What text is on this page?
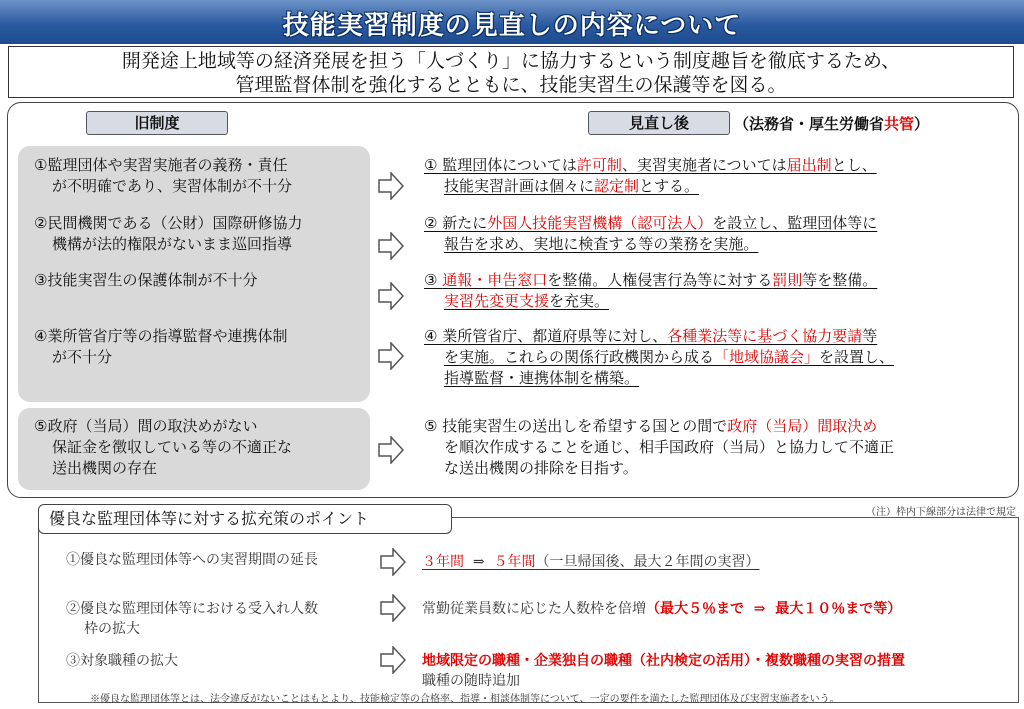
技能実習制度の見直しの内容について
開発途上地域等の経済発展を担う「人づくり」に協力するという制度趣旨を徹底するため、
管理監督体制を強化するとともに、技能実習生の保護等を図る。
旧制度	見直し後	（法務省・厚生労働省共管）
①監理団体や実習実施者の義務・責任
が不明確であり、実習体制が不十分
②民間機関である（公財）国際研修協力
機構が法的権限がないまま巡回指導
③技能実習生の保護体制が不十分
④業所管省庁等の指導監督や連携体制
が不十分
⑤政府（当局）間の取決めがない
保証金を徴収している等の不適正な
送出機関の存在
① 監理団体については許可制、実習実施者については届出制とし、
技能実習計画は個々に認定制とする。
② 新たに外国人技能実習機構（認可法人）を設立し、監理団体等に
報告を求め、実地に検査する等の業務を実施。
③ 通報・申告窓口を整備。人権侵害行為等に対する罰則等を整備。
実習先変更支援を充実。
④ 業所管省庁、都道府県等に対し、各種業法等に基づく協力要請等
を実施。これらの関係行政機関から成る「地域協議会」を設置し、
指導監督・連携体制を構築。
⑤ 技能実習生の送出しを希望する国との間で政府（当局）間取決め
を順次作成することを通じ、相手国政府（当局）と協力して不適正
な送出機関の排除を目指す。
（注）枠内下線部分は法律で規定
優良な監理団体等に対する拡充策のポイント
①優良な監理団体等への実習期間の延長
②優良な監理団体等における受入れ人数
枠の拡大
③対象職種の拡大
３年間  ⇒  ５年間（一旦帰国後、最大２年間の実習）
常勤従業員数に応じた人数枠を倍増（最大５％まで  ⇒  最大１０％まで等）
地域限定の職種・企業独自の職種（社内検定の活用）・複数職種の実習の措置
職種の随時追加
※優良な監理団体等とは、法令違反がないことはもとより、技能検定等の合格率、指導・相談体制等について、一定の要件を満たした監理団体及び実習実施者をいう。
